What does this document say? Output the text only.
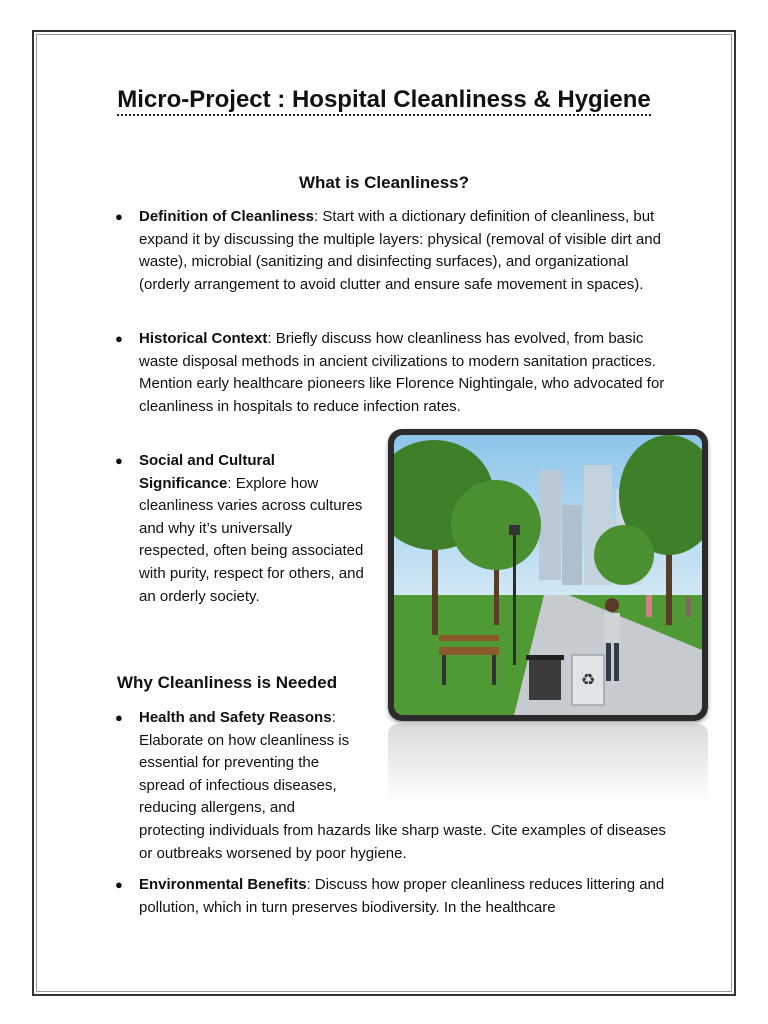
Micro-Project : Hospital Cleanliness & Hygiene
What is Cleanliness?
● Definition of Cleanliness: Start with a dictionary definition of cleanliness, but expand it by discussing the multiple layers: physical (removal of visible dirt and waste), microbial (sanitizing and disinfecting surfaces), and organizational (orderly arrangement to avoid clutter and ensure safe movement in spaces).
● Historical Context: Briefly discuss how cleanliness has evolved, from basic waste disposal methods in ancient civilizations to modern sanitation practices. Mention early healthcare pioneers like Florence Nightingale, who advocated for cleanliness in hospitals to reduce infection rates.
● Social and Cultural Significance: Explore how cleanliness varies across cultures and why it’s universally respected, often being associated with purity, respect for others, and an orderly society.
Why Cleanliness is Needed
● Health and Safety Reasons: Elaborate on how cleanliness is essential for preventing the spread of infectious diseases, reducing allergens, and
protecting individuals from hazards like sharp waste. Cite examples of diseases or outbreaks worsened by poor hygiene.
● Environmental Benefits: Discuss how proper cleanliness reduces littering and pollution, which in turn preserves biodiversity. In the healthcare
♻
